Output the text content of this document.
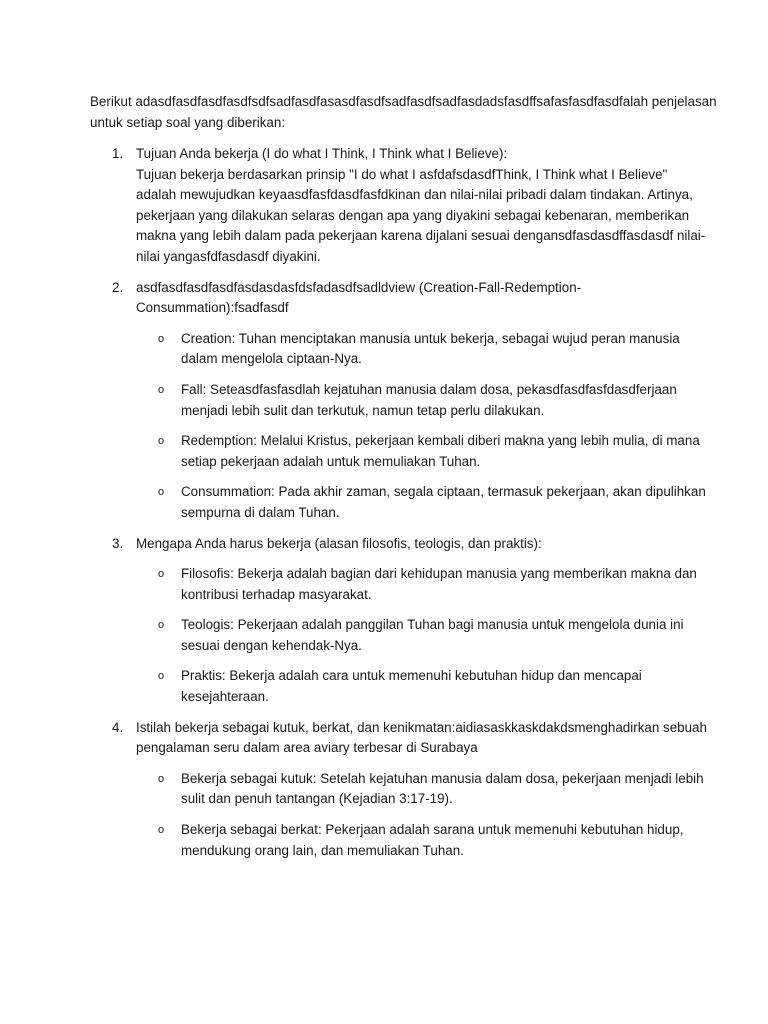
Berikut adasdfasdfasdfasdfsdfsadfasdfasasdfasdfsadfasdfsadfasdadsfasdffsafasfasdfasdfalah penjelasan untuk setiap soal yang diberikan:

1. Tujuan Anda bekerja (I do what I Think, I Think what I Believe):

Tujuan bekerja berdasarkan prinsip "I do what I asfdafsdasdfThink, I Think what I Believe" adalah mewujudkan keyaasdfasfdasdfasfdkinan dan nilai-nilai pribadi dalam tindakan. Artinya, pekerjaan yang dilakukan selaras dengan apa yang diyakini sebagai kebenaran, memberikan makna yang lebih dalam pada pekerjaan karena dijalani sesuai dengansdfasdasdffasdasdf nilai-nilai yangasfdfasdasdf diyakini.

2. asdfasdfasdfasdfasdasdasfdsfadasdfsadldview (Creation-Fall-Redemption-Consummation):fsadfasdf

o Creation: Tuhan menciptakan manusia untuk bekerja, sebagai wujud peran manusia dalam mengelola ciptaan-Nya.
o Fall: Seteasdfasfasdlah kejatuhan manusia dalam dosa, pekasdfasdfasfdasdferjaan menjadi lebih sulit dan terkutuk, namun tetap perlu dilakukan.
o Redemption: Melalui Kristus, pekerjaan kembali diberi makna yang lebih mulia, di mana setiap pekerjaan adalah untuk memuliakan Tuhan.
o Consummation: Pada akhir zaman, segala ciptaan, termasuk pekerjaan, akan dipulihkan sempurna di dalam Tuhan.
3. Mengapa Anda harus bekerja (alasan filosofis, teologis, dan praktis):

o Filosofis: Bekerja adalah bagian dari kehidupan manusia yang memberikan makna dan kontribusi terhadap masyarakat.
o Teologis: Pekerjaan adalah panggilan Tuhan bagi manusia untuk mengelola dunia ini sesuai dengan kehendak-Nya.
o Praktis: Bekerja adalah cara untuk memenuhi kebutuhan hidup dan mencapai kesejahteraan.
4. Istilah bekerja sebagai kutuk, berkat, dan kenikmatan:aidiasaskkaskdakdsmenghadirkan sebuah pengalaman seru dalam area aviary terbesar di Surabaya

o Bekerja sebagai kutuk: Setelah kejatuhan manusia dalam dosa, pekerjaan menjadi lebih sulit dan penuh tantangan (Kejadian 3:17-19).
o Bekerja sebagai berkat: Pekerjaan adalah sarana untuk memenuhi kebutuhan hidup, mendukung orang lain, dan memuliakan Tuhan.
